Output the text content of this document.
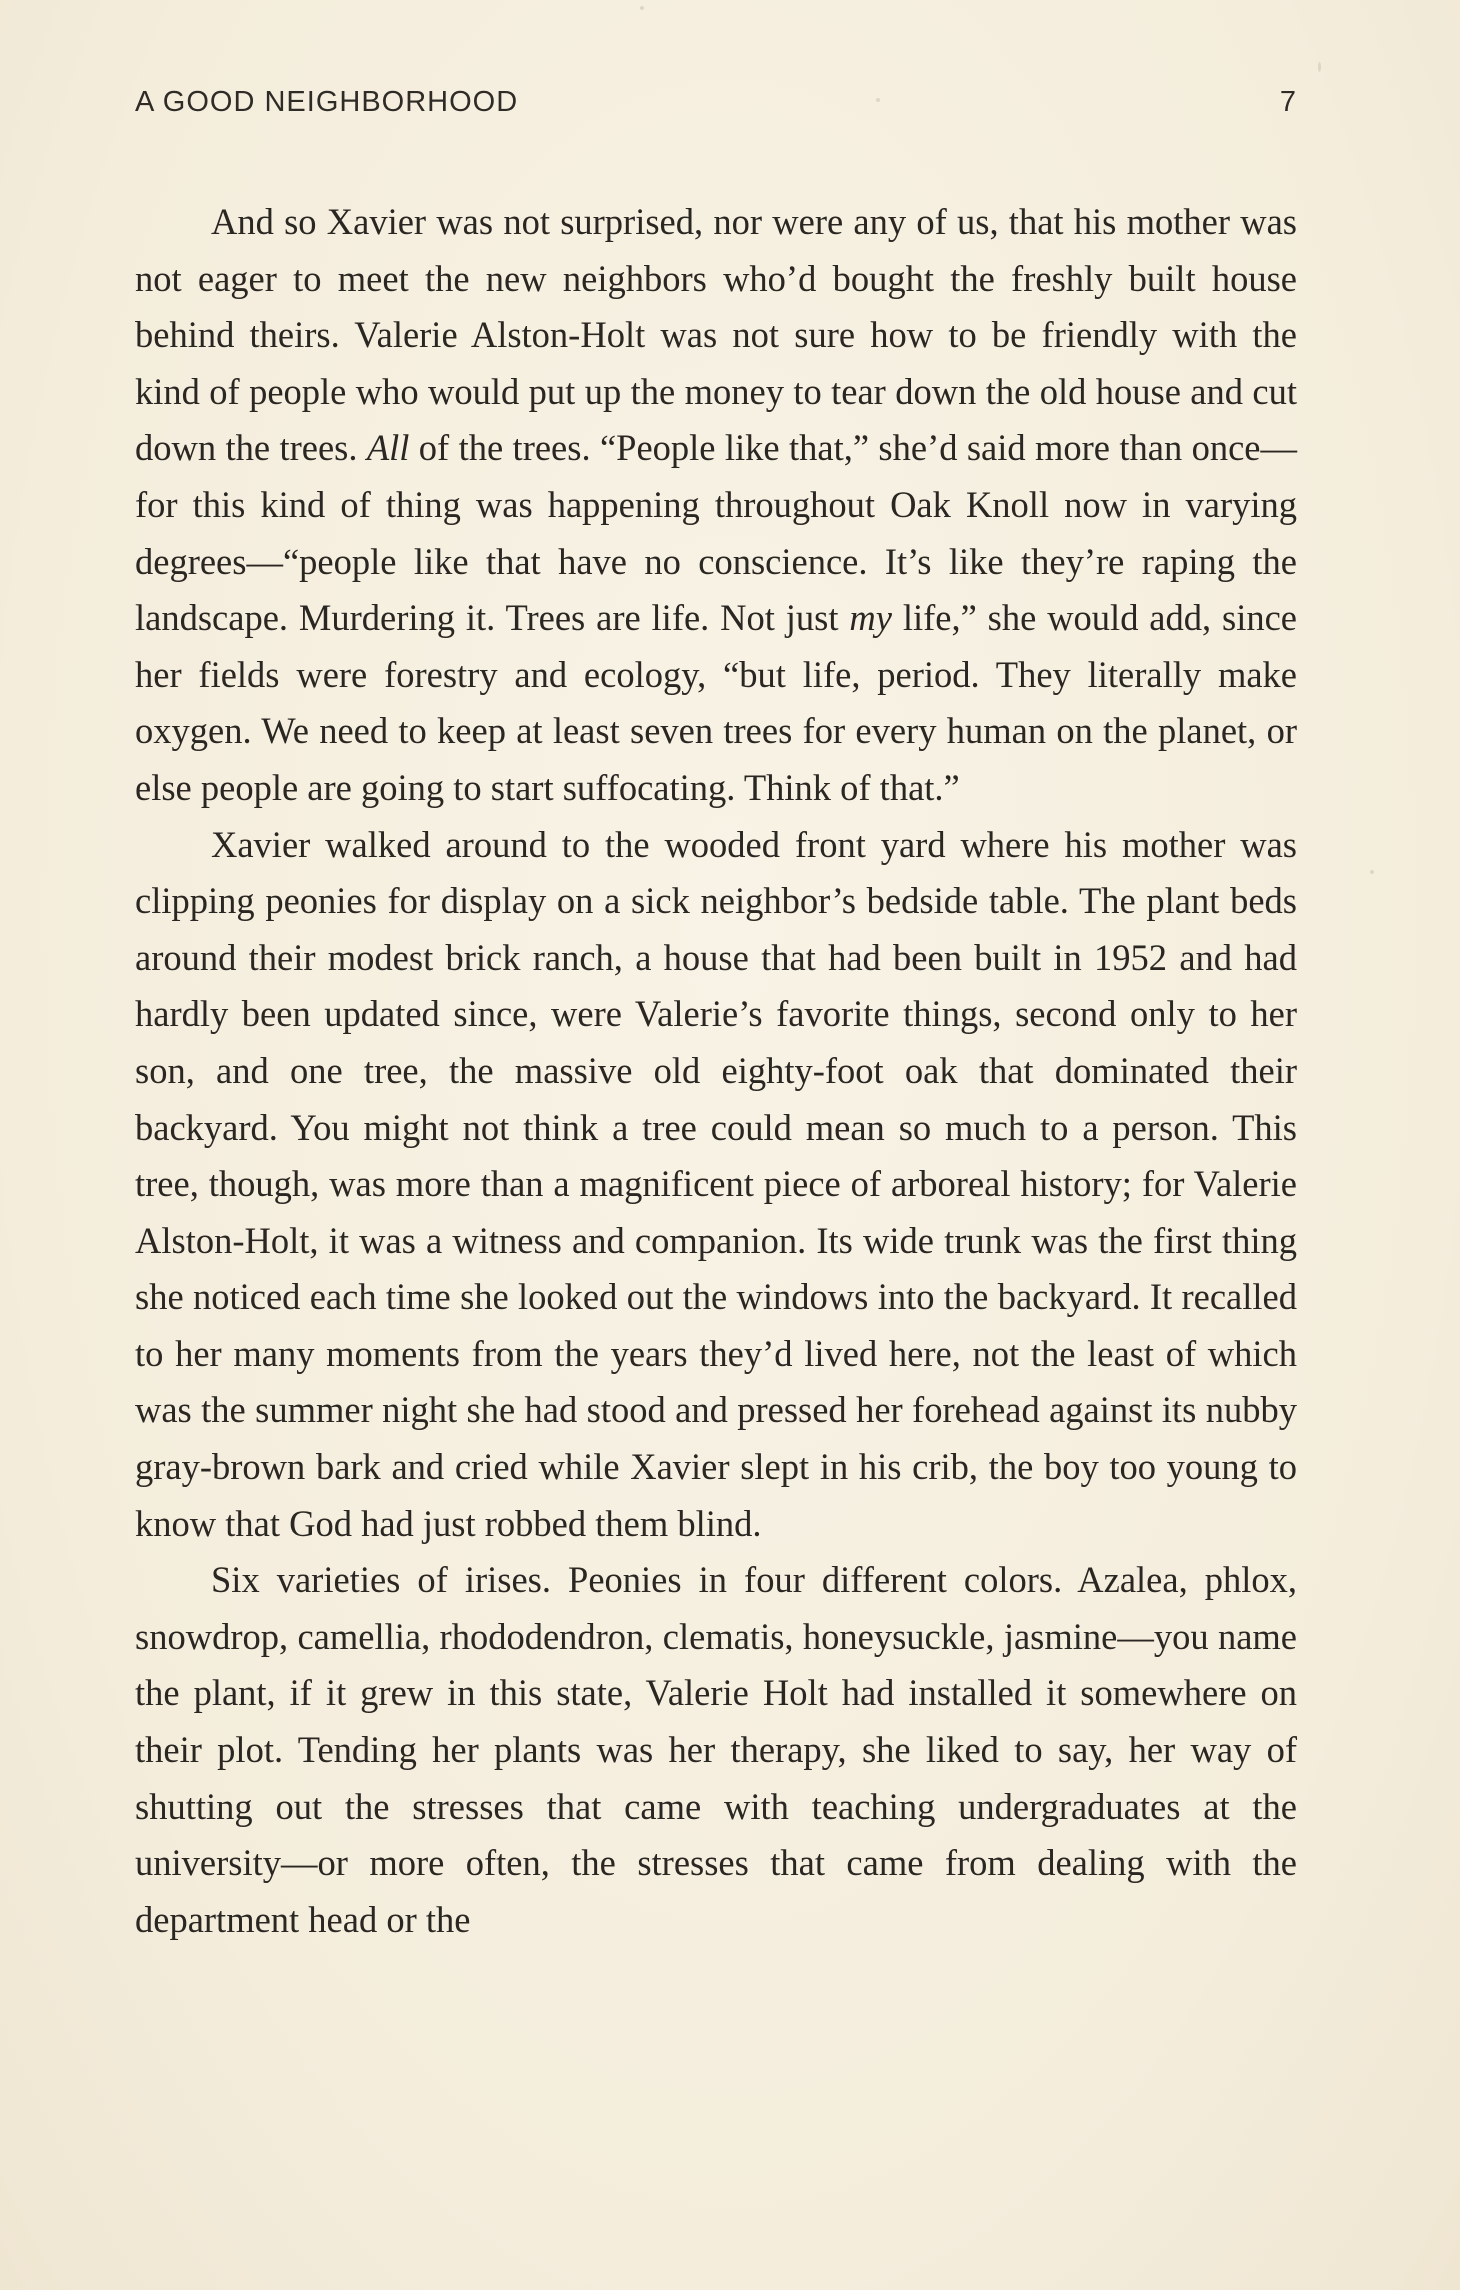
A GOOD NEIGHBORHOOD	7

And so Xavier was not surprised, nor were any of us, that his mother was not eager to meet the new neighbors who’d bought the freshly built house behind theirs. Valerie Alston-Holt was not sure how to be friendly with the kind of people who would put up the money to tear down the old house and cut down the trees. All of the trees. “People like that,” she’d said more than once—for this kind of thing was happening throughout Oak Knoll now in varying degrees—“people like that have no conscience. It’s like they’re raping the landscape. Murdering it. Trees are life. Not just my life,” she would add, since her fields were forestry and ecology, “but life, period. They literally make oxygen. We need to keep at least seven trees for every human on the planet, or else people are going to start suffocating. Think of that.”

Xavier walked around to the wooded front yard where his mother was clipping peonies for display on a sick neighbor’s bedside table. The plant beds around their modest brick ranch, a house that had been built in 1952 and had hardly been updated since, were Valerie’s favorite things, second only to her son, and one tree, the massive old eighty-foot oak that dominated their backyard. You might not think a tree could mean so much to a person. This tree, though, was more than a magnificent piece of arboreal history; for Valerie Alston-Holt, it was a witness and companion. Its wide trunk was the first thing she noticed each time she looked out the windows into the backyard. It recalled to her many moments from the years they’d lived here, not the least of which was the summer night she had stood and pressed her forehead against its nubby gray-brown bark and cried while Xavier slept in his crib, the boy too young to know that God had just robbed them blind.

Six varieties of irises. Peonies in four different colors. Azalea, phlox, snowdrop, camellia, rhododendron, clematis, honeysuckle, jasmine—you name the plant, if it grew in this state, Valerie Holt had installed it somewhere on their plot. Tending her plants was her therapy, she liked to say, her way of shutting out the stresses that came with teaching undergraduates at the university—or more often, the stresses that came from dealing with the department head or the
